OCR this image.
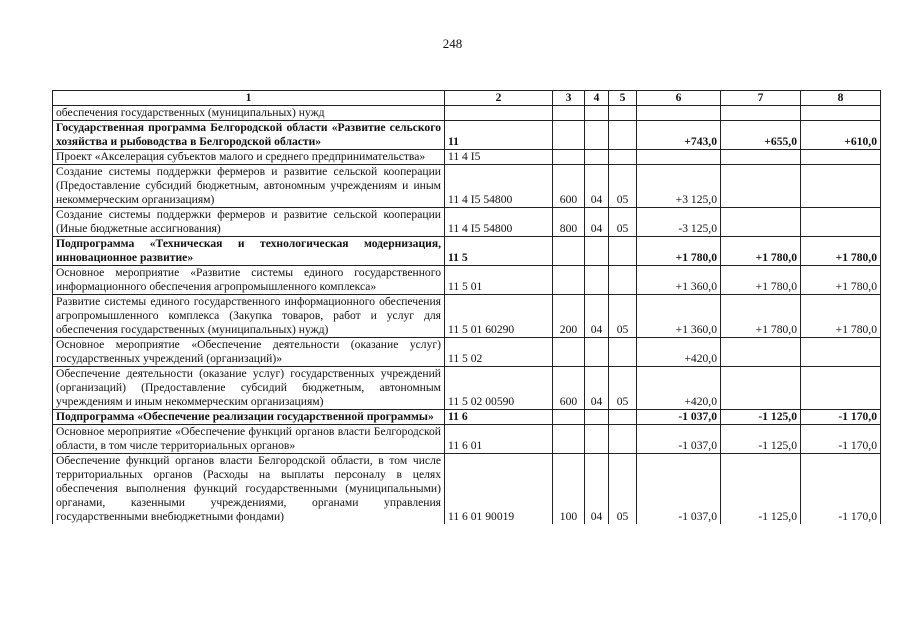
248
1	2	3	4	5	6	7	8
обеспечения государственных (муниципальных) нужд							
Государственная программа Белгородской области «Развитие сельского хозяйства и рыбоводства в Белгородской области»	11				+743,0	+655,0	+610,0
Проект «Акселерация субъектов малого и среднего предпринимательства»	11 4 I5						
Создание системы поддержки фермеров и развитие сельской кооперации (Предоставление субсидий бюджетным, автономным учреждениям и иным некоммерческим организациям)	11 4 I5 54800	600	04	05	+3 125,0		
Создание системы поддержки фермеров и развитие сельской кооперации (Иные бюджетные ассигнования)	11 4 I5 54800	800	04	05	-3 125,0		
Подпрограмма «Техническая и технологическая модернизация, инновационное развитие»	11 5				+1 780,0	+1 780,0	+1 780,0
Основное мероприятие «Развитие системы единого государственного информационного обеспечения агропромышленного комплекса»	11 5 01				+1 360,0	+1 780,0	+1 780,0
Развитие системы единого государственного информационного обеспечения агропромышленного комплекса (Закупка товаров, работ и услуг для обеспечения государственных (муниципальных) нужд)	11 5 01 60290	200	04	05	+1 360,0	+1 780,0	+1 780,0
Основное мероприятие «Обеспечение деятельности (оказание услуг) государственных учреждений (организаций)»	11 5 02				+420,0		
Обеспечение деятельности (оказание услуг) государственных учреждений (организаций) (Предоставление субсидий бюджетным, автономным учреждениям и иным некоммерческим организациям)	11 5 02 00590	600	04	05	+420,0		
Подпрограмма «Обеспечение реализации государственной программы»	11 6				-1 037,0	-1 125,0	-1 170,0
Основное мероприятие «Обеспечение функций органов власти Белгородской области, в том числе территориальных органов»	11 6 01				-1 037,0	-1 125,0	-1 170,0
Обеспечение функций органов власти Белгородской области, в том числе территориальных органов (Расходы на выплаты персоналу в целях обеспечения выполнения функций государственными (муниципальными) органами, казенными учреждениями, органами управления государственными внебюджетными фондами)	11 6 01 90019	100	04	05	-1 037,0	-1 125,0	-1 170,0
